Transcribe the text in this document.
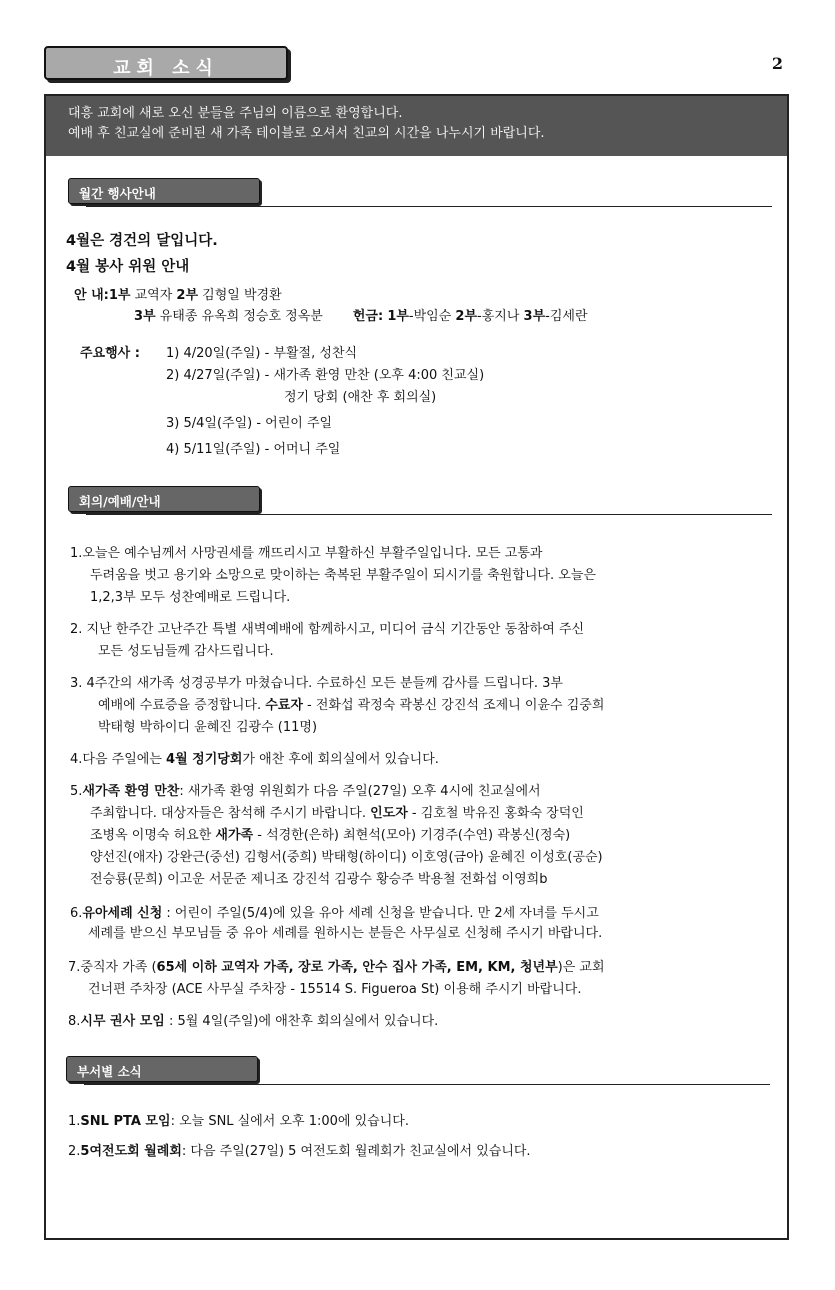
교회 소식	2
대흥 교회에 새로 오신 분들을 주님의 이름으로 환영합니다.
예배 후 친교실에 준비된 새 가족 테이블로 오셔서 친교의 시간을 나누시기 바랍니다.
월간 행사안내
4월은 경건의 달입니다.
4월 봉사 위원 안내
안 내:1부 교역자 2부 김형일 박경환
3부 유태종 유옥희 정승호 정옥분 헌금: 1부-박임순 2부-홍지나 3부-김세란
주요행사 : 1) 4/20일(주일) - 부활절, 성찬식
2) 4/27일(주일) - 새가족 환영 만찬 (오후 4:00 친교실)
정기 당회 (애찬 후 회의실)
3) 5/4일(주일) - 어린이 주일
4) 5/11일(주일) - 어머니 주일
회의/예배/안내
1.오늘은 예수님께서 사망권세를 깨뜨리시고 부활하신 부활주일입니다. 모든 고통과
두려움을 벗고 용기와 소망으로 맞이하는 축복된 부활주일이 되시기를 축원합니다. 오늘은
1,2,3부 모두 성찬예배로 드립니다.
2. 지난 한주간 고난주간 특별 새벽예배에 함께하시고, 미디어 금식 기간동안 동참하여 주신
모든 성도님들께 감사드립니다.
3. 4주간의 새가족 성경공부가 마쳤습니다. 수료하신 모든 분들께 감사를 드립니다. 3부
예배에 수료증을 증정합니다. 수료자 - 전화섭 곽정숙 곽봉신 강진석 조제니 이윤수 김중희
박태형 박하이디 윤혜진 김광수 (11명)
4.다음 주일에는 4월 정기당회가 애찬 후에 회의실에서 있습니다.
5.새가족 환영 만찬: 새가족 환영 위원회가 다음 주일(27일) 오후 4시에 친교실에서
주최합니다. 대상자들은 참석해 주시기 바랍니다. 인도자 - 김호철 박유진 홍화숙 장덕인
조병옥 이명숙 허요한 새가족 - 석경한(은하) 최현석(모아) 기경주(수연) 곽봉신(정숙)
양선진(애자) 강완근(중선) 김형서(중희) 박태형(하이디) 이호영(금아) 윤혜진 이성호(공순)
전승룡(문희) 이고운 서문준 제니조 강진석 김광수 황승주 박용철 전화섭 이영희b
6.유아세례 신청 : 어린이 주일(5/4)에 있을 유아 세례 신청을 받습니다. 만 2세 자녀를 두시고
세례를 받으신 부모님들 중 유아 세례를 원하시는 분들은 사무실로 신청해 주시기 바랍니다.
7.중직자 가족 (65세 이하 교역자 가족, 장로 가족, 안수 집사 가족, EM, KM, 청년부)은 교회
건너편 주차장 (ACE 사무실 주차장 - 15514 S. Figueroa St) 이용해 주시기 바랍니다.
8.시무 권사 모임 : 5월 4일(주일)에 애찬후 회의실에서 있습니다.
부서별 소식
1.SNL PTA 모임: 오늘 SNL 실에서 오후 1:00에 있습니다.
2.5여전도회 월례회: 다음 주일(27일) 5 여전도회 월례회가 친교실에서 있습니다.
